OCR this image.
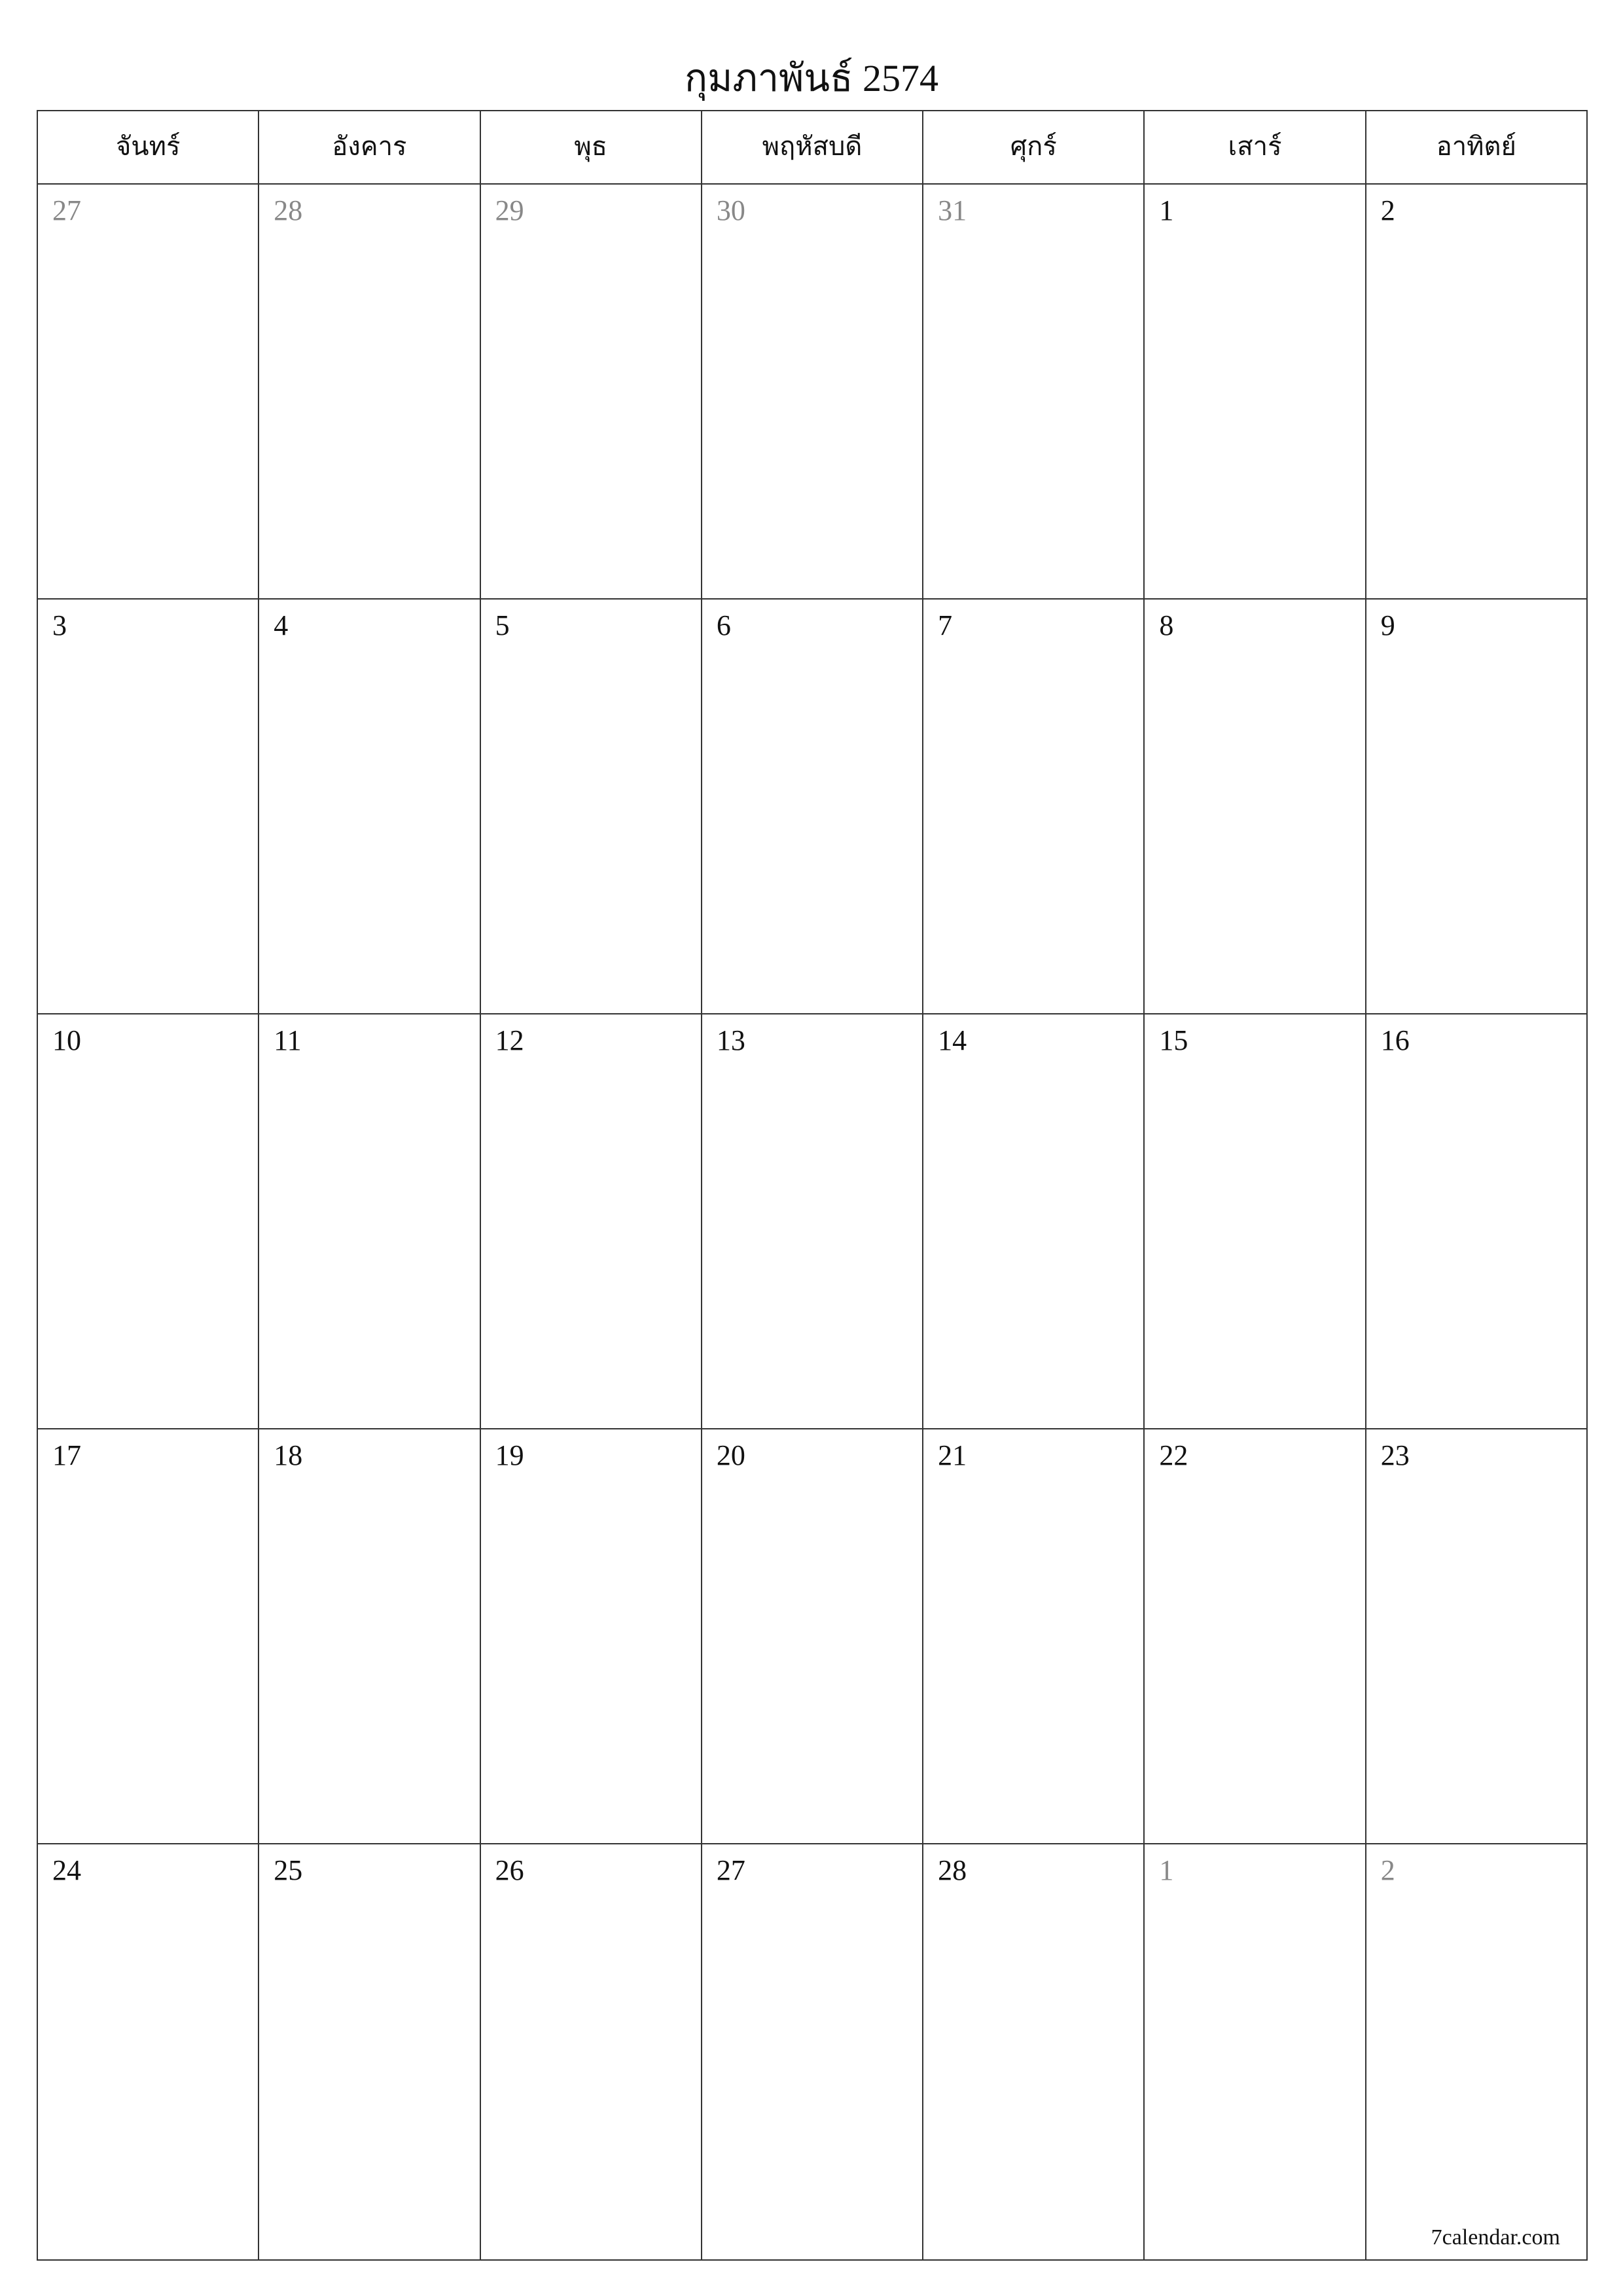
กุมภาพันธ์ 2574
จันทร์	อังคาร	พุธ	พฤหัสบดี	ศุกร์	เสาร์	อาทิตย์
27	28	29	30	31	1	2
3	4	5	6	7	8	9
10	11	12	13	14	15	16
17	18	19	20	21	22	23
24	25	26	27	28	1	2
7calendar.com
